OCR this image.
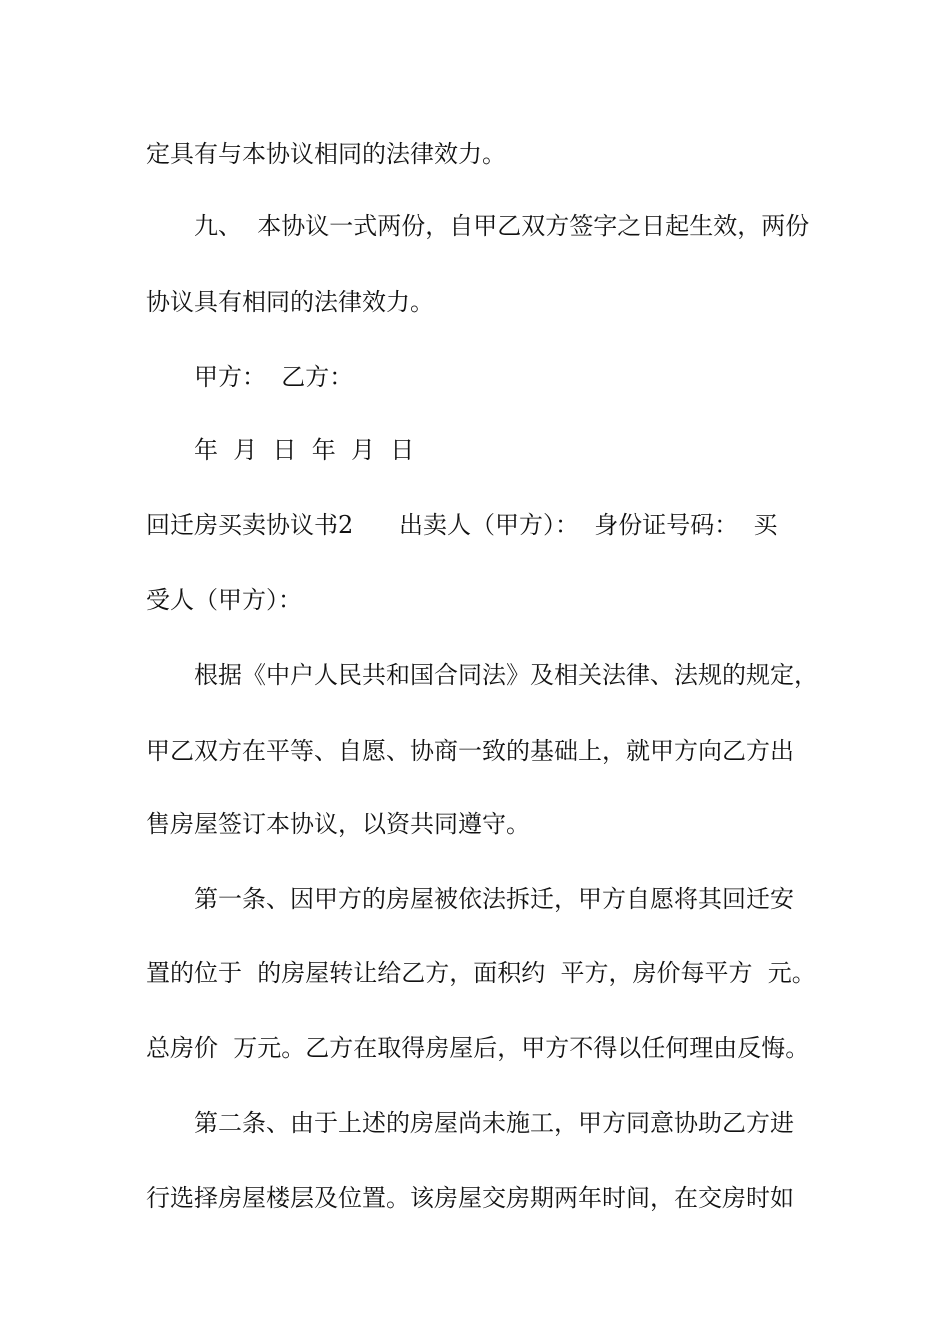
定具有与本协议相同的法律效力。

九、  本协议一式两份，自甲乙双方签字之日起生效，两份

协议具有相同的法律效力。

甲方：  乙方：

年  月  日  年  月  日

回迁房买卖协议书2      出卖人（甲方）：  身份证号码：  买

受人（甲方）：

根据《中户人民共和国合同法》及相关法律、法规的规定，

甲乙双方在平等、自愿、协商一致的基础上，就甲方向乙方出

售房屋签订本协议，以资共同遵守。

第一条、因甲方的房屋被依法拆迁，甲方自愿将其回迁安

置的位于  的房屋转让给乙方，面积约  平方，房价每平方  元。

总房价  万元。乙方在取得房屋后，甲方不得以任何理由反悔。

第二条、由于上述的房屋尚未施工，甲方同意协助乙方进

行选择房屋楼层及位置。该房屋交房期两年时间，在交房时如
